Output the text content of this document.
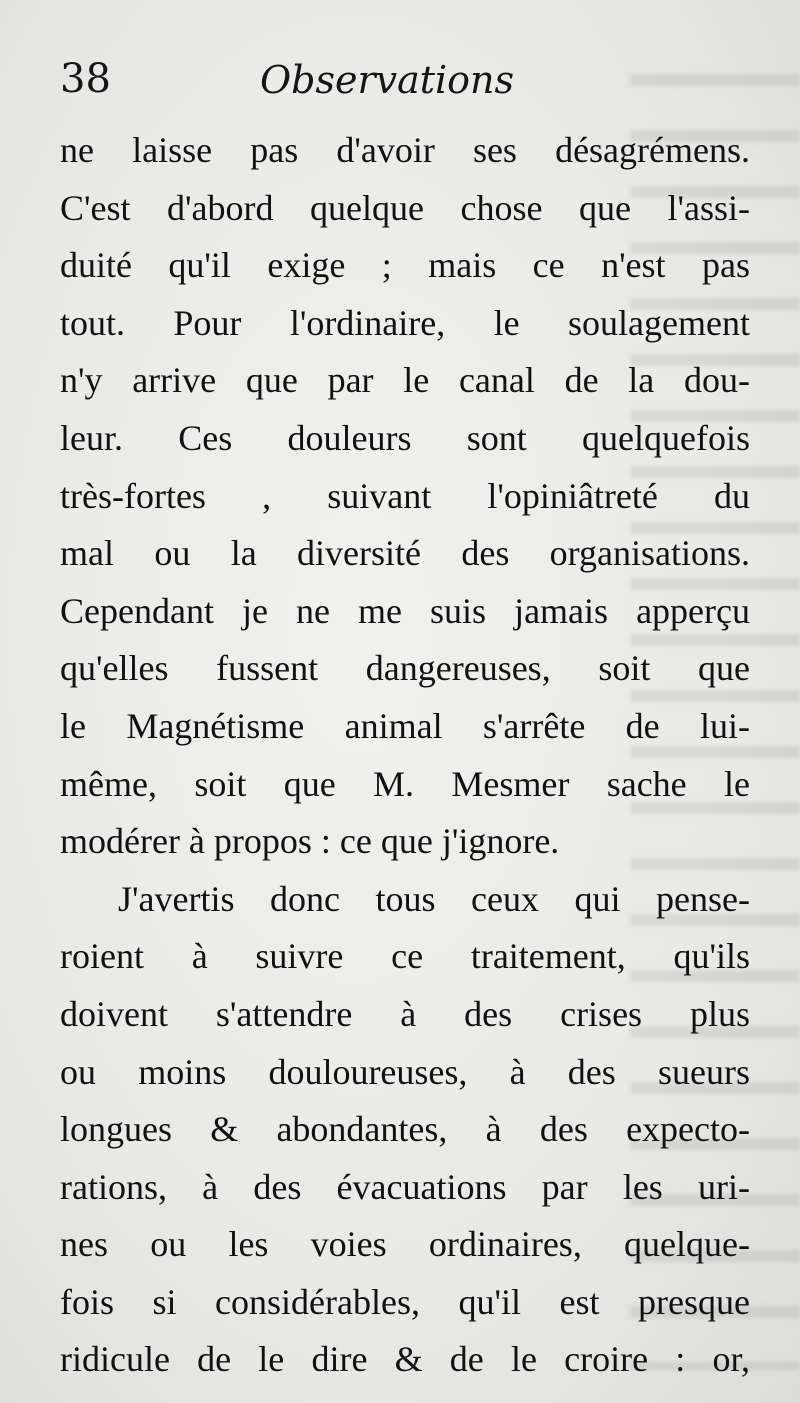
38	Observations
ne laisse pas d'avoir ses désagrémens.
C'est d'abord quelque chose que l'assi-
duité qu'il exige ; mais ce n'est pas
tout. Pour l'ordinaire, le soulagement
n'y arrive que par le canal de la dou-
leur. Ces douleurs sont quelquefois
très-fortes , suivant l'opiniâtreté du
mal ou la diversité des organisations.
Cependant je ne me suis jamais apperçu
qu'elles fussent dangereuses, soit que
le Magnétisme animal s'arrête de lui-
même, soit que M. Mesmer sache le
modérer à propos : ce que j'ignore.
J'avertis donc tous ceux qui pense-
roient à suivre ce traitement, qu'ils
doivent s'attendre à des crises plus
ou moins douloureuses, à des sueurs
longues & abondantes, à des expecto-
rations, à des évacuations par les uri-
nes ou les voies ordinaires, quelque-
fois si considérables, qu'il est presque
ridicule de le dire & de le croire : or,
